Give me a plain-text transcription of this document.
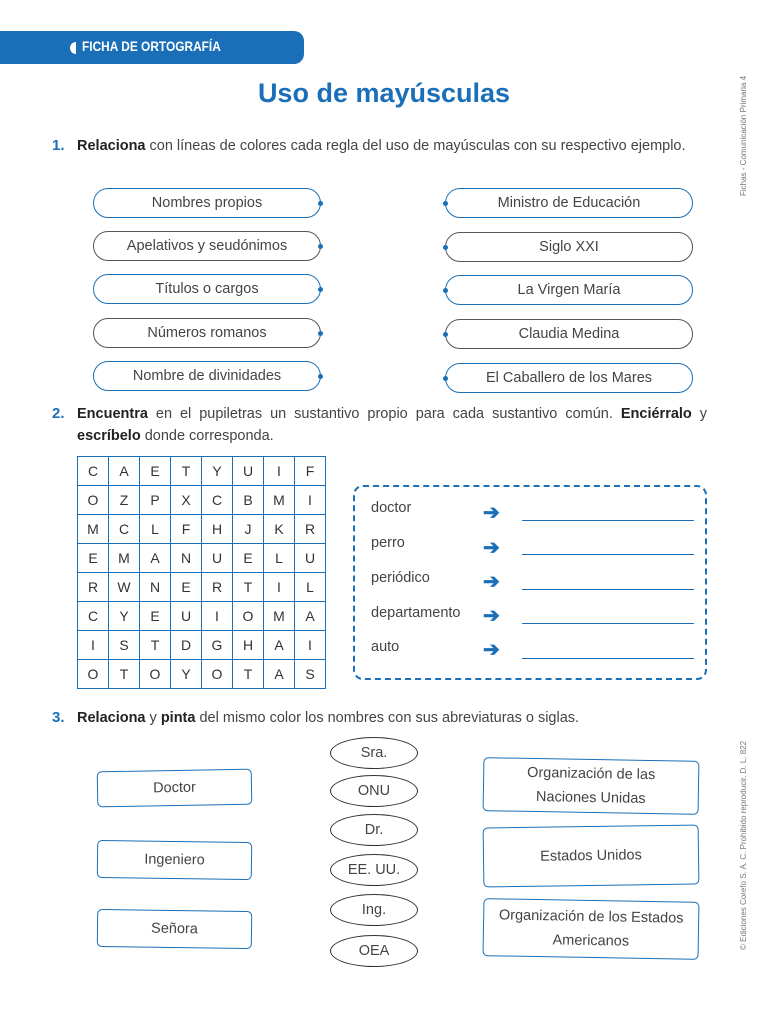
FICHA DE ORTOGRAFÍA
Uso de mayúsculas	Fichas - Comunicación Primaria 4
© Ediciones Corefo S. A. C. Prohibido reproducir. D. L. 822
1. Relaciona con líneas de colores cada regla del uso de mayúsculas con su respectivo ejemplo.
Nombres propios
Apelativos y seudónimos
Títulos o cargos
Números romanos
Nombre de divinidades
Ministro de Educación
Siglo XXI
La Virgen María
Claudia Medina
El Caballero de los Mares
2. Encuentra en el pupiletras un sustantivo propio para cada sustantivo común. Enciérralo y escríbelo donde corresponda.
C	A	E	T	Y	U	I	F
O	Z	P	X	C	B	M	I
M	C	L	F	H	J	K	R
E	M	A	N	U	E	L	U
R	W	N	E	R	T	I	L
C	Y	E	U	I	O	M	A
I	S	T	D	G	H	A	I
O	T	O	Y	O	T	A	S
doctor	➔
perro	➔
periódico	➔
departamento ➔
auto	➔
3. Relaciona y pinta del mismo color los nombres con sus abreviaturas o siglas.
Doctor
Ingeniero
Señora
Sra.
ONU
Dr.
EE. UU.
Ing.
OEA
Organización de las Naciones Unidas
Estados Unidos
Organización de los Estados Americanos
